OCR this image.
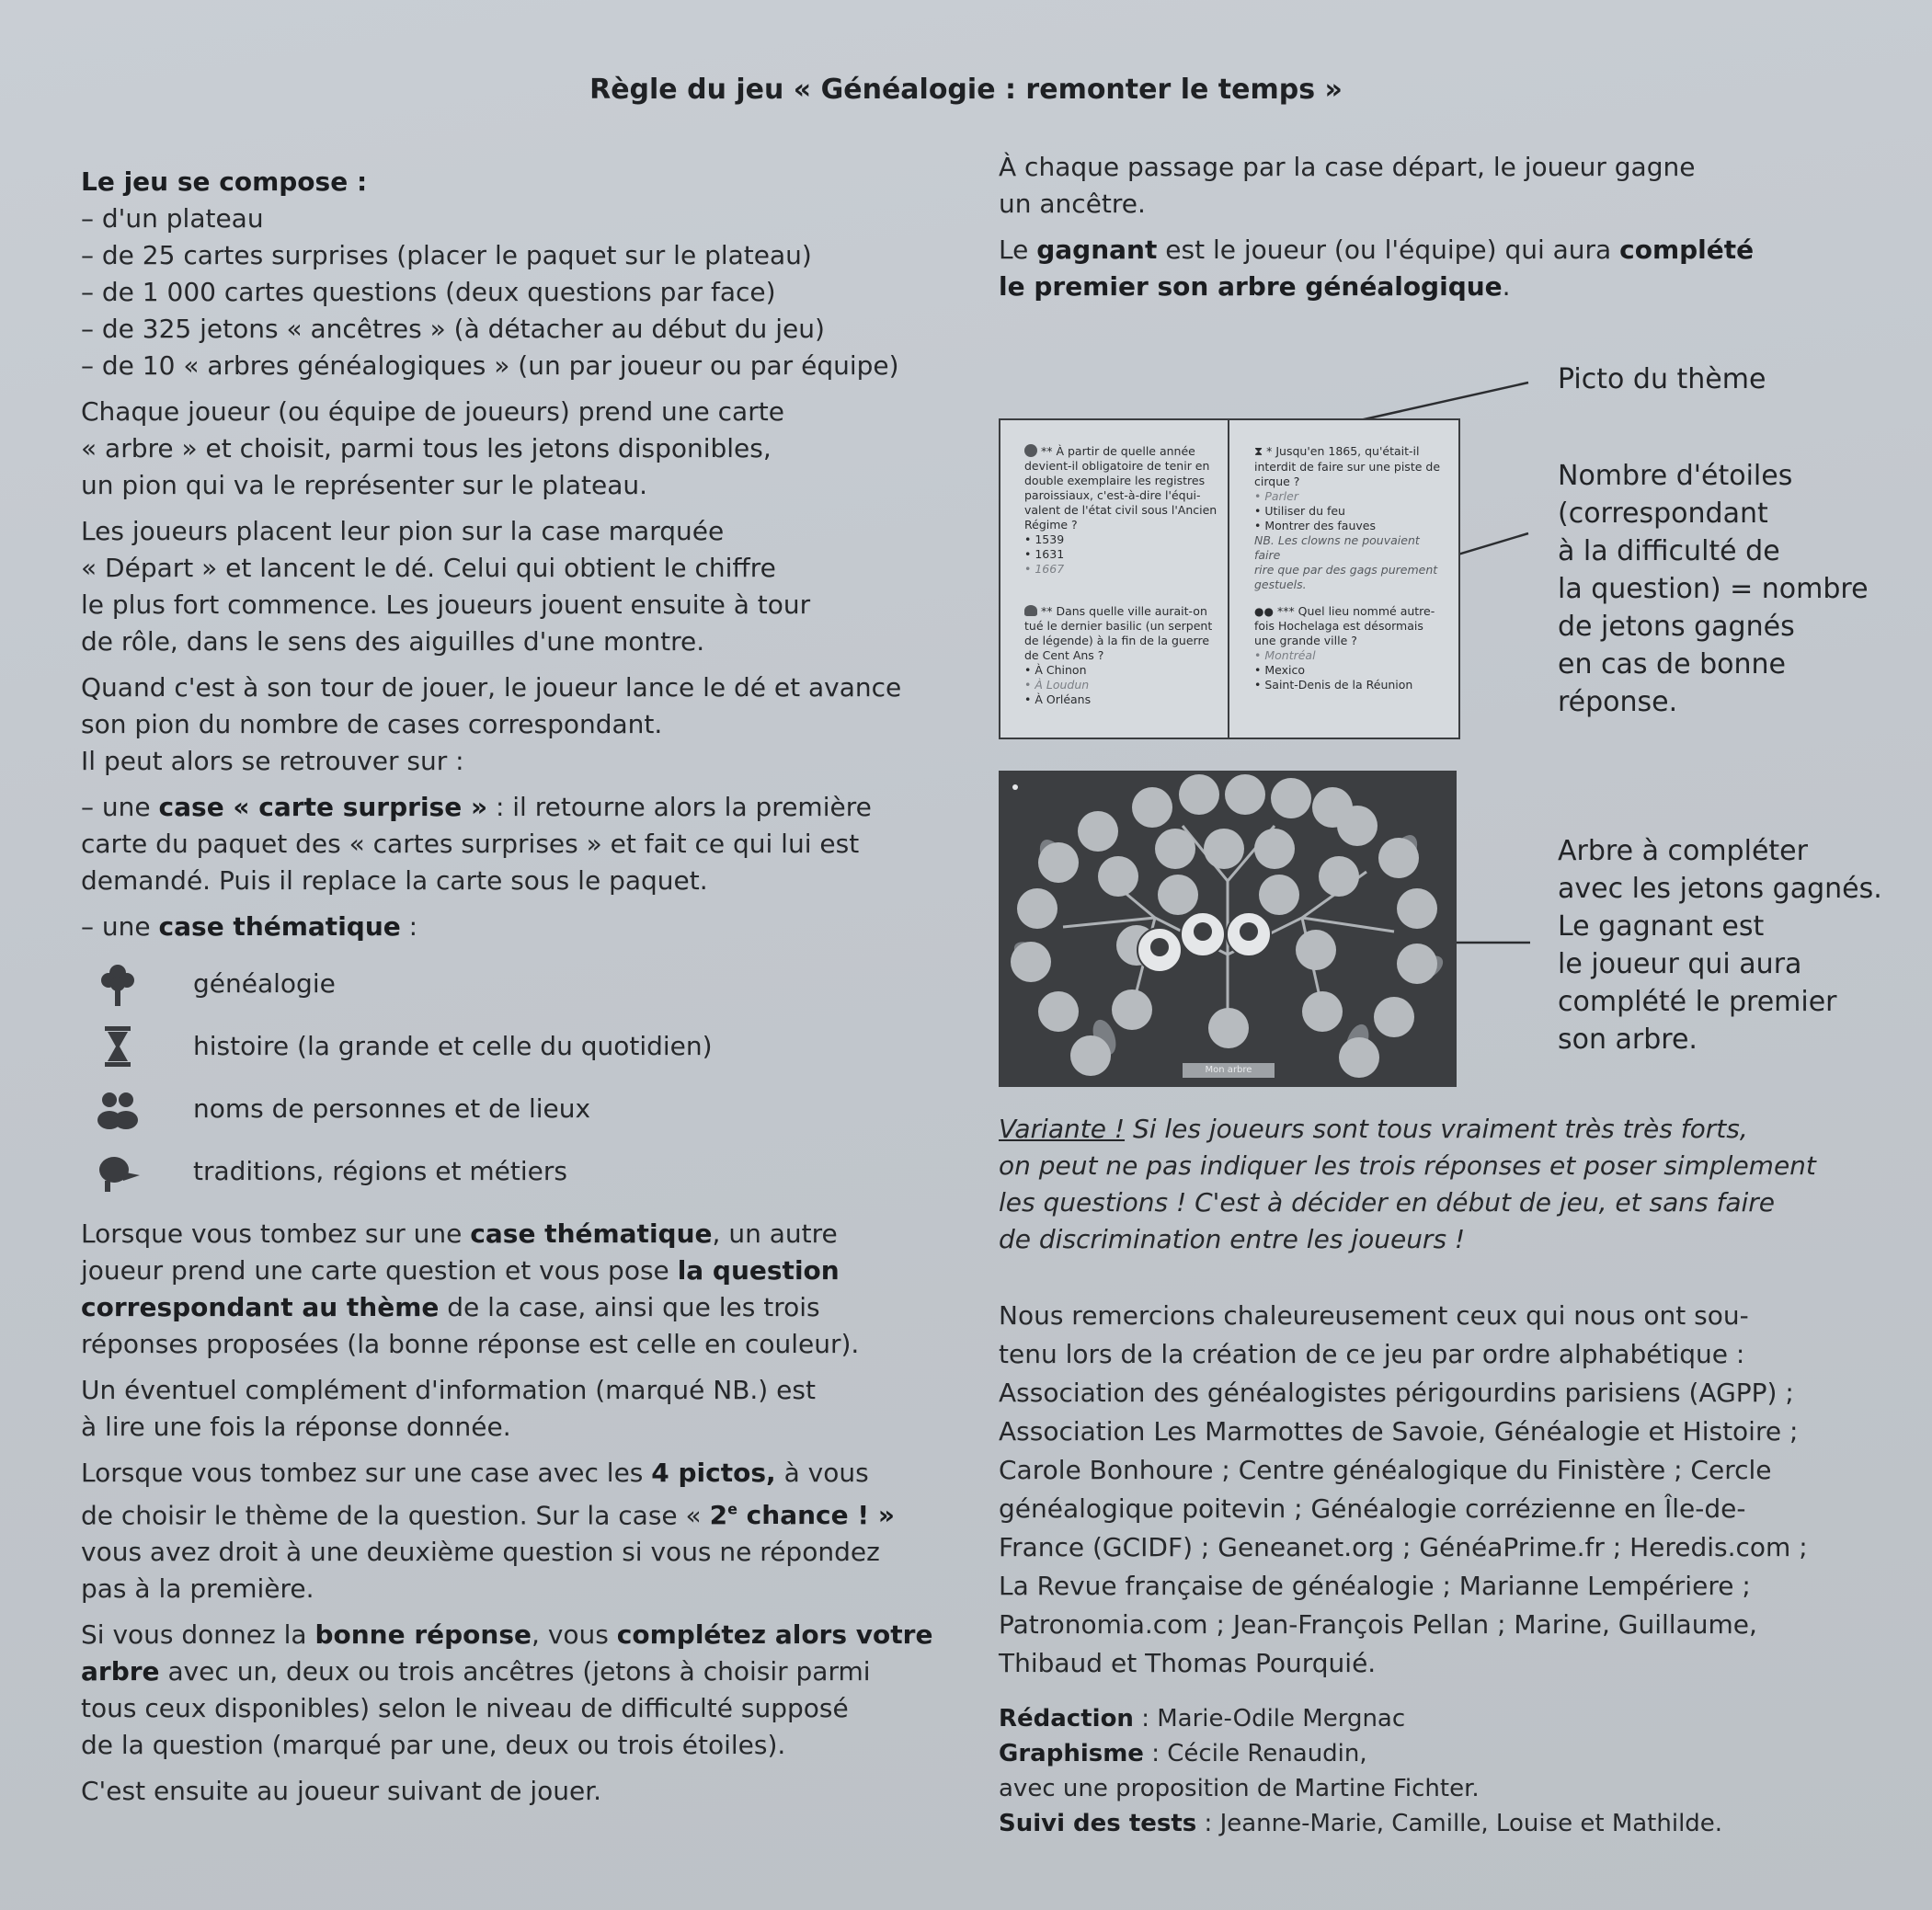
Règle du jeu « Généalogie : remonter le temps »
Le jeu se compose :
– d'un plateau
– de 25 cartes surprises (placer le paquet sur le plateau)
– de 1 000 cartes questions (deux questions par face)
– de 325 jetons « ancêtres » (à détacher au début du jeu)
– de 10 « arbres généalogiques » (un par joueur ou par équipe)
Chaque joueur (ou équipe de joueurs) prend une carte
« arbre » et choisit, parmi tous les jetons disponibles,
un pion qui va le représenter sur le plateau.
Les joueurs placent leur pion sur la case marquée
« Départ » et lancent le dé. Celui qui obtient le chiffre
le plus fort commence. Les joueurs jouent ensuite à tour
de rôle, dans le sens des aiguilles d'une montre.
Quand c'est à son tour de jouer, le joueur lance le dé et avance
son pion du nombre de cases correspondant.
Il peut alors se retrouver sur :
– une case « carte surprise » : il retourne alors la première
carte du paquet des « cartes surprises » et fait ce qui lui est
demandé. Puis il replace la carte sous le paquet.
– une case thématique :
généalogie
histoire (la grande et celle du quotidien)
noms de personnes et de lieux
traditions, régions et métiers
Lorsque vous tombez sur une case thématique, un autre
joueur prend une carte question et vous pose la question
correspondant au thème de la case, ainsi que les trois
réponses proposées (la bonne réponse est celle en couleur).
Un éventuel complément d'information (marqué NB.) est
à lire une fois la réponse donnée.
Lorsque vous tombez sur une case avec les 4 pictos, à vous
de choisir le thème de la question. Sur la case « 2e chance ! »
vous avez droit à une deuxième question si vous ne répondez
pas à la première.
Si vous donnez la bonne réponse, vous complétez alors votre
arbre avec un, deux ou trois ancêtres (jetons à choisir parmi
tous ceux disponibles) selon le niveau de difficulté supposé
de la question (marqué par une, deux ou trois étoiles).
C'est ensuite au joueur suivant de jouer.
À chaque passage par la case départ, le joueur gagne
un ancêtre.
Le gagnant est le joueur (ou l'équipe) qui aura complété
le premier son arbre généalogique.
Picto du thème
Nombre d'étoiles
(correspondant
à la difficulté de
la question) = nombre
de jetons gagnés
en cas de bonne
réponse.
Arbre à compléter
avec les jetons gagnés.
Le gagnant est
le joueur qui aura
complété le premier
son arbre.
** À partir de quelle année
devient-il obligatoire de tenir en
double exemplaire les registres
paroissiaux, c'est-à-dire l'équi-
valent de l'état civil sous l'Ancien
Régime ?
• 1539
• 1631
• 1667
⧗ * Jusqu'en 1865, qu'était-il
interdit de faire sur une piste de
cirque ?
• Parler
• Utiliser du feu
• Montrer des fauves
NB. Les clowns ne pouvaient faire
rire que par des gags purement
gestuels.
** Dans quelle ville aurait-on
tué le dernier basilic (un serpent
de légende) à la fin de la guerre
de Cent Ans ?
• À Chinon
• À Loudun
• À Orléans
●● *** Quel lieu nommé autre-
fois Hochelaga est désormais
une grande ville ?
• Montréal
• Mexico
• Saint-Denis de la Réunion
Mon arbre
Variante ! Si les joueurs sont tous vraiment très très forts,
on peut ne pas indiquer les trois réponses et poser simplement
les questions ! C'est à décider en début de jeu, et sans faire
de discrimination entre les joueurs !
Nous remercions chaleureusement ceux qui nous ont sou-
tenu lors de la création de ce jeu par ordre alphabétique :
Association des généalogistes périgourdins parisiens (AGPP) ;
Association Les Marmottes de Savoie, Généalogie et Histoire ;
Carole Bonhoure ; Centre généalogique du Finistère ; Cercle
généalogique poitevin ; Généalogie corrézienne en Île-de-
France (GCIDF) ; Geneanet.org ; GénéaPrime.fr ; Heredis.com ;
La Revue française de généalogie ; Marianne Lempériere ;
Patronomia.com ; Jean-François Pellan ; Marine, Guillaume,
Thibaud et Thomas Pourquié.
Rédaction : Marie-Odile Mergnac
Graphisme : Cécile Renaudin,
avec une proposition de Martine Fichter.
Suivi des tests : Jeanne-Marie, Camille, Louise et Mathilde.
